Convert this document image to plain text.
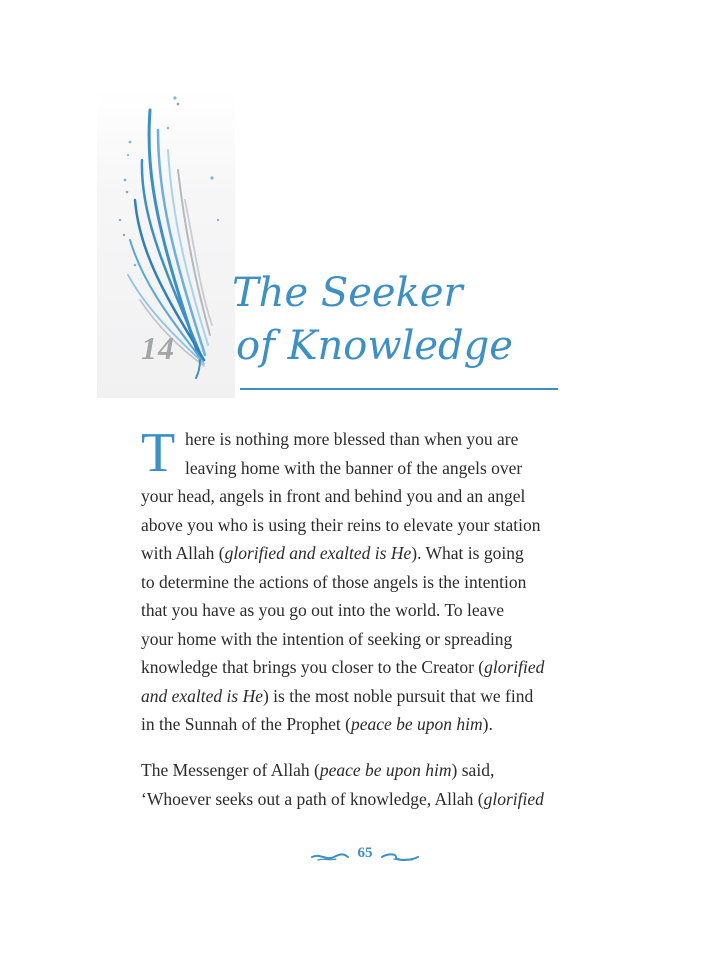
14
The Seeker
of Knowledge
T here is nothing more blessed than when you are
leaving home with the banner of the angels over
your head, angels in front and behind you and an angel
above you who is using their reins to elevate your station
with Allah (glorified and exalted is He). What is going
to determine the actions of those angels is the intention
that you have as you go out into the world. To leave
your home with the intention of seeking or spreading
knowledge that brings you closer to the Creator (glorified
and exalted is He) is the most noble pursuit that we find
in the Sunnah of the Prophet (peace be upon him).
The Messenger of Allah (peace be upon him) said,
‘Whoever seeks out a path of knowledge, Allah (glorified
65
